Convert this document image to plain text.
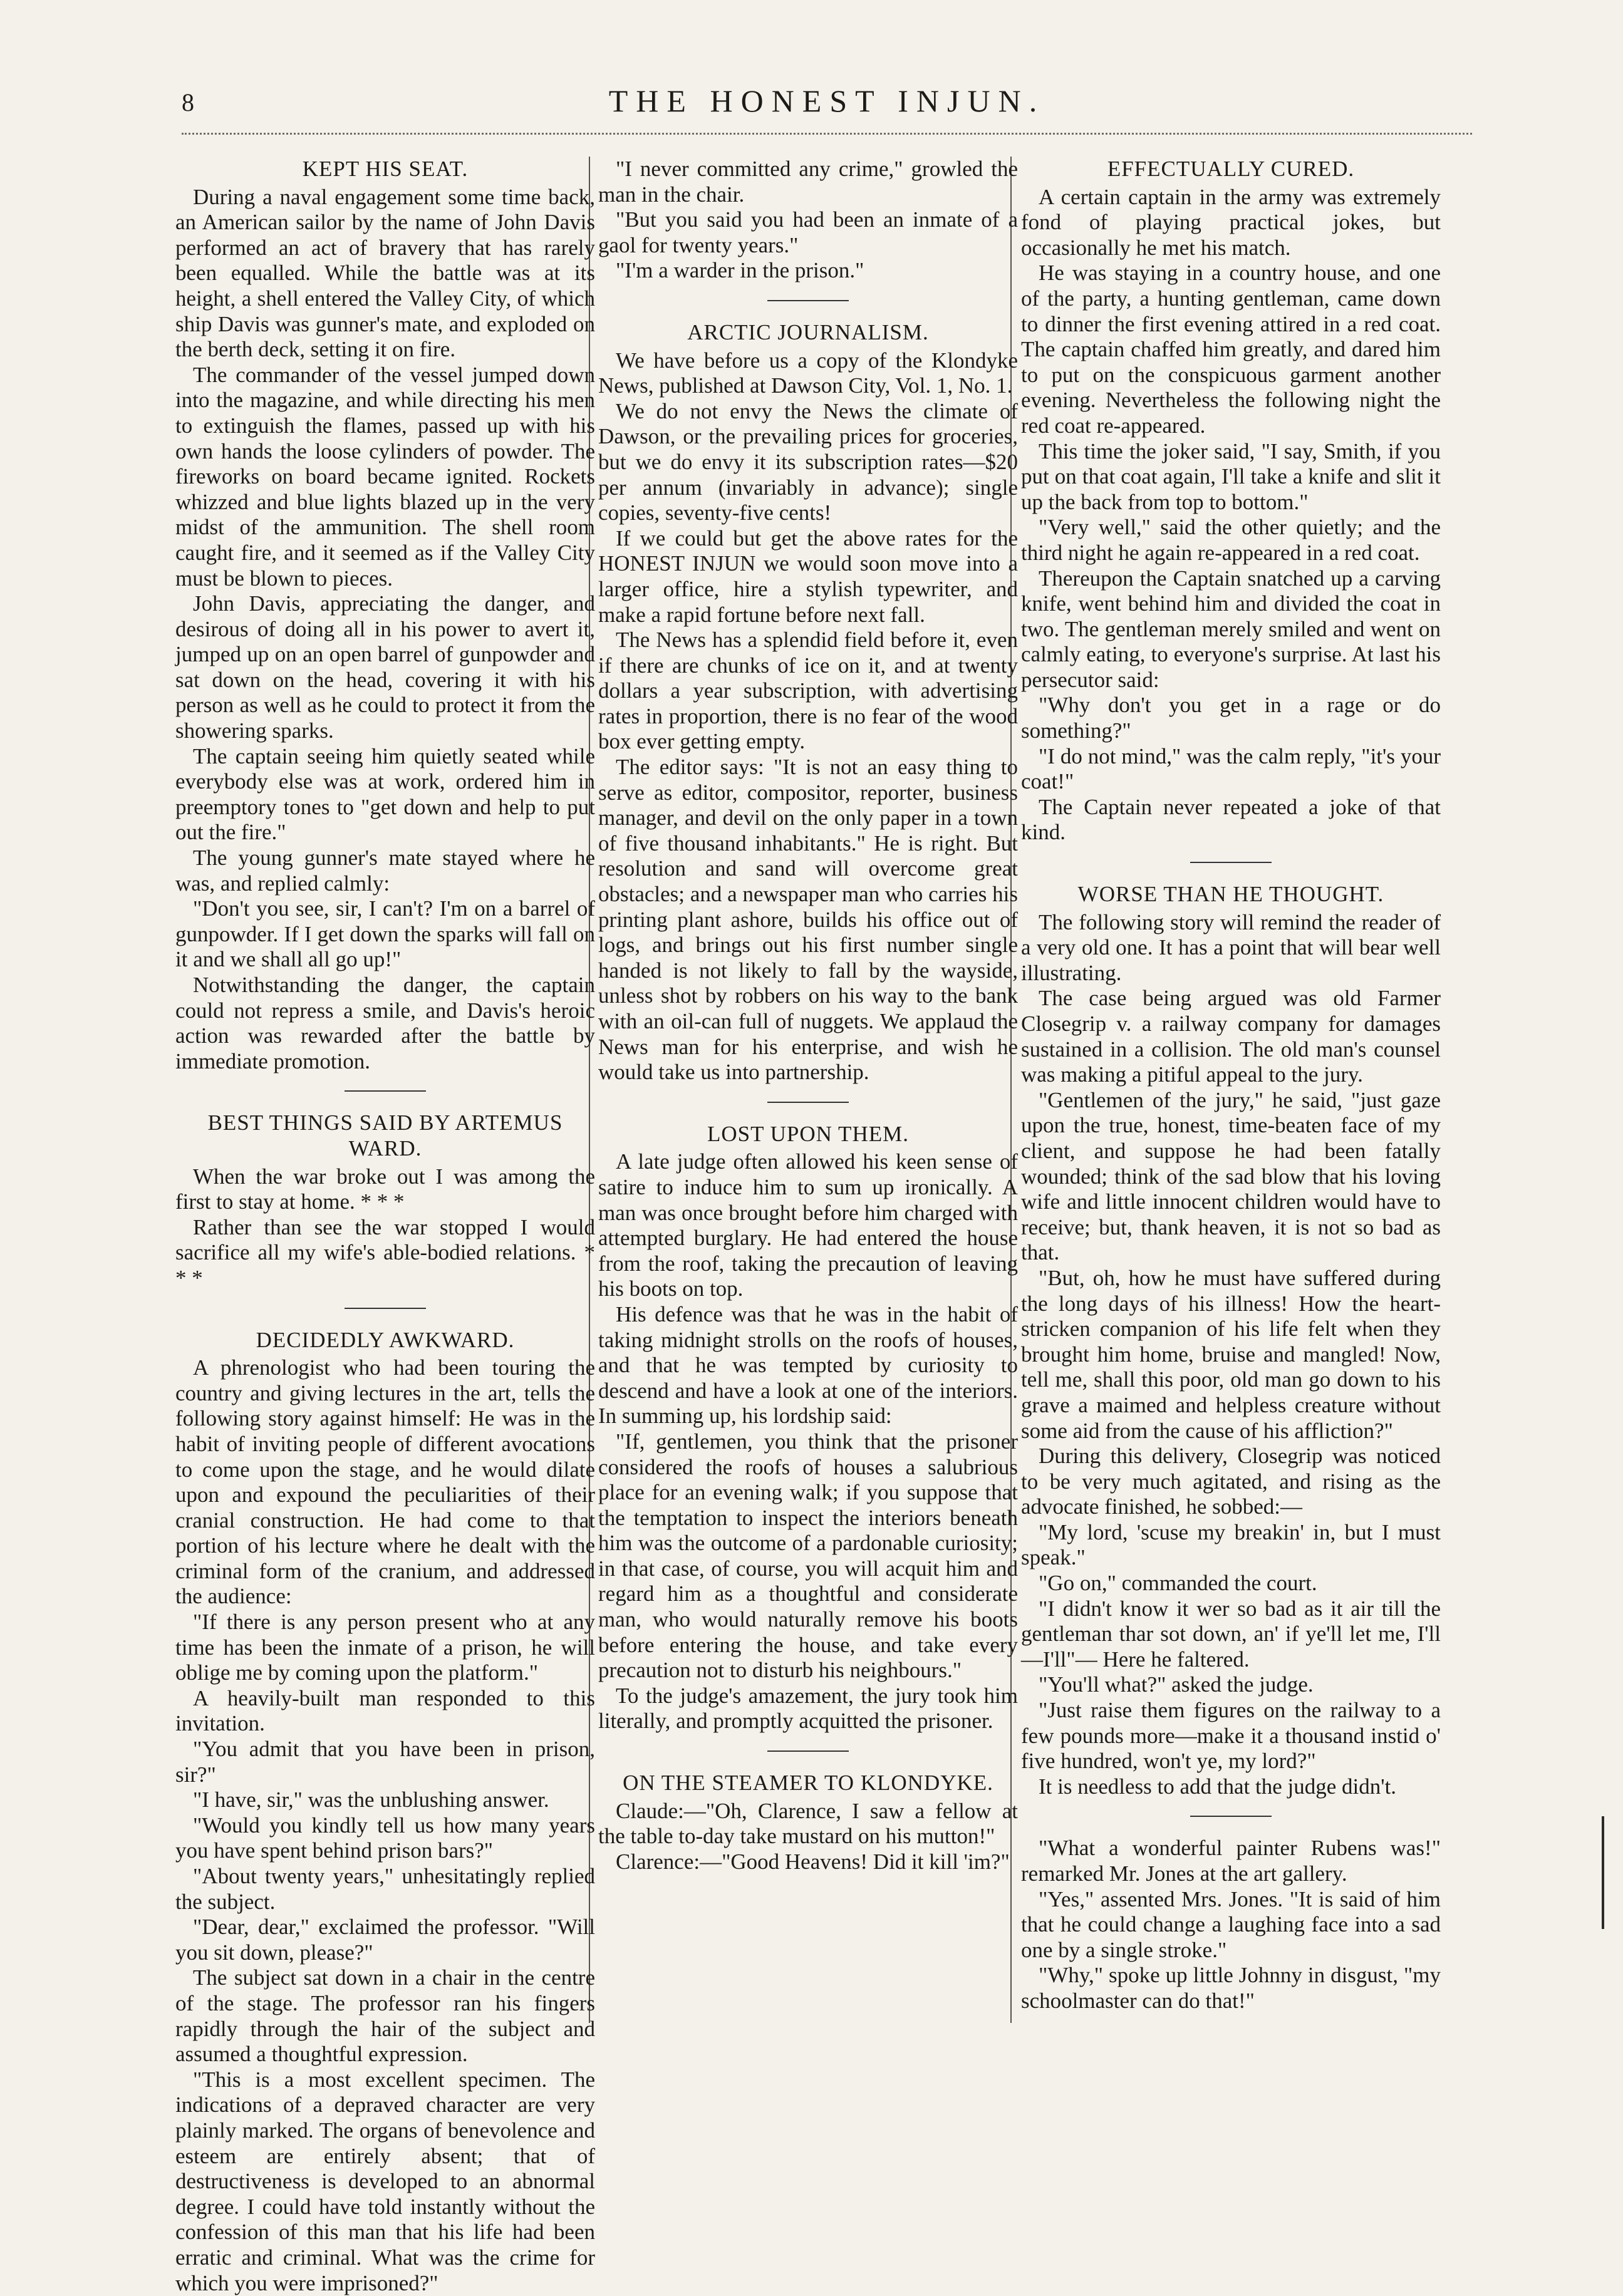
8	THE HONEST INJUN.
KEPT HIS SEAT.

During a naval engagement some time back, an American sailor by the name of John Davis performed an act of bravery that has rarely been equalled. While the battle was at its height, a shell entered the Valley City, of which ship Davis was gunner's mate, and exploded on the berth deck, setting it on fire.

The commander of the vessel jumped down into the magazine, and while directing his men to extinguish the flames, passed up with his own hands the loose cylinders of powder. The fireworks on board became ignited. Rockets whizzed and blue lights blazed up in the very midst of the ammunition. The shell room caught fire, and it seemed as if the Valley City must be blown to pieces.

John Davis, appreciating the danger, and desirous of doing all in his power to avert it, jumped up on an open barrel of gunpowder and sat down on the head, covering it with his person as well as he could to protect it from the showering sparks.

The captain seeing him quietly seated while everybody else was at work, ordered him in preemptory tones to "get down and help to put out the fire."

The young gunner's mate stayed where he was, and replied calmly:

"Don't you see, sir, I can't? I'm on a barrel of gunpowder. If I get down the sparks will fall on it and we shall all go up!"

Notwithstanding the danger, the captain could not repress a smile, and Davis's heroic action was rewarded after the battle by immediate promotion.

BEST THINGS SAID BY ARTEMUS WARD.

When the war broke out I was among the first to stay at home. * * *

Rather than see the war stopped I would sacrifice all my wife's able-bodied relations. * * *

DECIDEDLY AWKWARD.

A phrenologist who had been touring the country and giving lectures in the art, tells the following story against himself: He was in the habit of inviting people of different avocations to come upon the stage, and he would dilate upon and expound the peculiarities of their cranial construction. He had come to that portion of his lecture where he dealt with the criminal form of the cranium, and addressed the audience:

"If there is any person present who at any time has been the inmate of a prison, he will oblige me by coming upon the platform."

A heavily-built man responded to this invitation.

"You admit that you have been in prison, sir?"

"I have, sir," was the unblushing answer.

"Would you kindly tell us how many years you have spent behind prison bars?"

"About twenty years," unhesitatingly replied the subject.

"Dear, dear," exclaimed the professor. "Will you sit down, please?"

The subject sat down in a chair in the centre of the stage. The professor ran his fingers rapidly through the hair of the subject and assumed a thoughtful expression.

"This is a most excellent specimen. The indications of a depraved character are very plainly marked. The organs of benevolence and esteem are entirely absent; that of destructiveness is developed to an abnormal degree. I could have told instantly without the confession of this man that his life had been erratic and criminal. What was the crime for which you were imprisoned?"

"I never committed any crime," growled the man in the chair.

"But you said you had been an inmate of a gaol for twenty years."

"I'm a warder in the prison."

ARCTIC JOURNALISM.

We have before us a copy of the Klondyke News, published at Dawson City, Vol. 1, No. 1.

We do not envy the News the climate of Dawson, or the prevailing prices for groceries, but we do envy it its subscription rates—$20 per annum (invariably in advance); single copies, seventy-five cents!

If we could but get the above rates for the HONEST INJUN we would soon move into a larger office, hire a stylish typewriter, and make a rapid fortune before next fall.

The News has a splendid field before it, even if there are chunks of ice on it, and at twenty dollars a year subscription, with advertising rates in proportion, there is no fear of the wood box ever getting empty.

The editor says: "It is not an easy thing to serve as editor, compositor, reporter, business manager, and devil on the only paper in a town of five thousand inhabitants." He is right. But resolution and sand will overcome great obstacles; and a newspaper man who carries his printing plant ashore, builds his office out of logs, and brings out his first number single handed is not likely to fall by the wayside, unless shot by robbers on his way to the bank with an oil-can full of nuggets. We applaud the News man for his enterprise, and wish he would take us into partnership.

LOST UPON THEM.

A late judge often allowed his keen sense of satire to induce him to sum up ironically. A man was once brought before him charged with attempted burglary. He had entered the house from the roof, taking the precaution of leaving his boots on top.

His defence was that he was in the habit of taking midnight strolls on the roofs of houses, and that he was tempted by curiosity to descend and have a look at one of the interiors. In summing up, his lordship said:

"If, gentlemen, you think that the prisoner considered the roofs of houses a salubrious place for an evening walk; if you suppose that the temptation to inspect the interiors beneath him was the outcome of a pardonable curiosity; in that case, of course, you will acquit him and regard him as a thoughtful and considerate man, who would naturally remove his boots before entering the house, and take every precaution not to disturb his neighbours."

To the judge's amazement, the jury took him literally, and promptly acquitted the prisoner.

ON THE STEAMER TO KLONDYKE.

Claude:—"Oh, Clarence, I saw a fellow at the table to-day take mustard on his mutton!"

Clarence:—"Good Heavens! Did it kill 'im?"

EFFECTUALLY CURED.

A certain captain in the army was extremely fond of playing practical jokes, but occasionally he met his match.

He was staying in a country house, and one of the party, a hunting gentleman, came down to dinner the first evening attired in a red coat. The captain chaffed him greatly, and dared him to put on the conspicuous garment another evening. Nevertheless the following night the red coat re-appeared.

This time the joker said, "I say, Smith, if you put on that coat again, I'll take a knife and slit it up the back from top to bottom."

"Very well," said the other quietly; and the third night he again re-appeared in a red coat.

Thereupon the Captain snatched up a carving knife, went behind him and divided the coat in two. The gentleman merely smiled and went on calmly eating, to everyone's surprise. At last his persecutor said:

"Why don't you get in a rage or do something?"

"I do not mind," was the calm reply, "it's your coat!"

The Captain never repeated a joke of that kind.

WORSE THAN HE THOUGHT.

The following story will remind the reader of a very old one. It has a point that will bear well illustrating.

The case being argued was old Farmer Closegrip v. a railway company for damages sustained in a collision. The old man's counsel was making a pitiful appeal to the jury.

"Gentlemen of the jury," he said, "just gaze upon the true, honest, time-beaten face of my client, and suppose he had been fatally wounded; think of the sad blow that his loving wife and little innocent children would have to receive; but, thank heaven, it is not so bad as that.

"But, oh, how he must have suffered during the long days of his illness! How the heart-stricken companion of his life felt when they brought him home, bruise and mangled! Now, tell me, shall this poor, old man go down to his grave a maimed and helpless creature without some aid from the cause of his affliction?"

During this delivery, Closegrip was noticed to be very much agitated, and rising as the advocate finished, he sobbed:—

"My lord, 'scuse my breakin' in, but I must speak."

"Go on," commanded the court.

"I didn't know it wer so bad as it air till the gentleman thar sot down, an' if ye'll let me, I'll—I'll"— Here he faltered.

"You'll what?" asked the judge.

"Just raise them figures on the railway to a few pounds more—make it a thousand instid o' five hundred, won't ye, my lord?"

It is needless to add that the judge didn't.

"What a wonderful painter Rubens was!" remarked Mr. Jones at the art gallery.

"Yes," assented Mrs. Jones. "It is said of him that he could change a laughing face into a sad one by a single stroke."

"Why," spoke up little Johnny in disgust, "my schoolmaster can do that!"
